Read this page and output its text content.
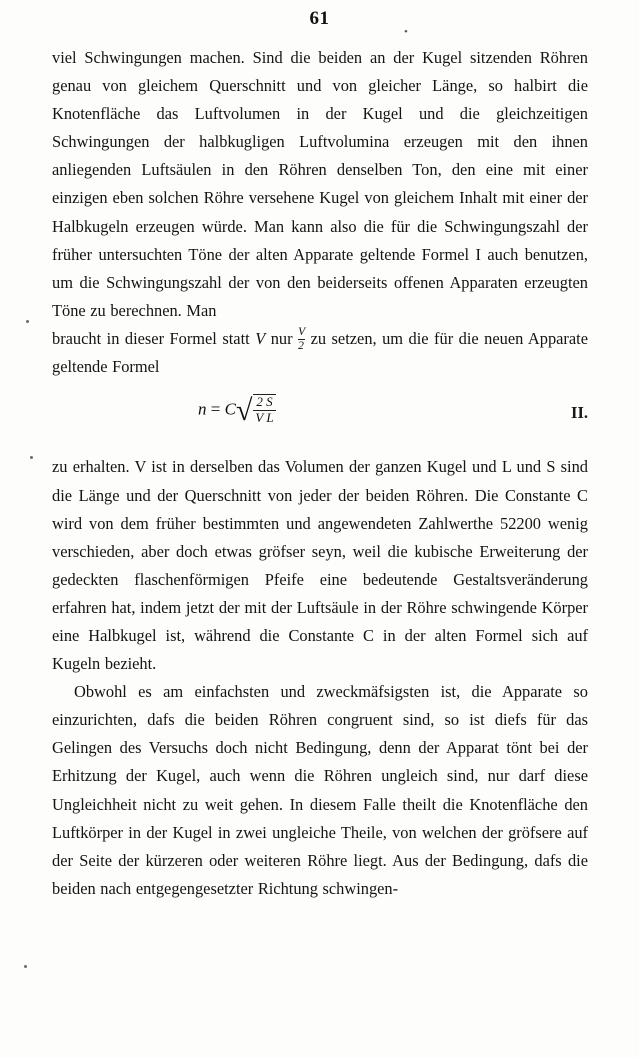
61
•

viel Schwingungen machen. Sind die beiden an der Kugel sitzenden Röhren genau von gleichem Querschnitt und von gleicher Länge, so halbirt die Knotenfläche das Luftvolumen in der Kugel und die gleichzeitigen Schwingungen der halbkugligen Luftvolumina erzeugen mit den ihnen anliegenden Luftsäulen in den Röhren denselben Ton, den eine mit einer einzigen eben solchen Röhre versehene Kugel von gleichem Inhalt mit einer der Halbkugeln erzeugen würde. Man kann also die für die Schwingungszahl der früher untersuchten Töne der alten Apparate geltende Formel I auch benutzen, um die Schwingungszahl der von den beiderseits offenen Apparaten erzeugten Töne zu berechnen. Man

braucht in dieser Formel statt V nur $\frac{V}{2}$ zu setzen, um die für die neuen Apparate geltende Formel

$n = C√ \frac{2 S}{\text{V L}}$	II.

zu erhalten. V ist in derselben das Volumen der ganzen Kugel und L und S sind die Länge und der Querschnitt von jeder der beiden Röhren. Die Constante C wird von dem früher bestimmten und angewendeten Zahlwerthe 52200 wenig verschieden, aber doch etwas gröfser seyn, weil die kubische Erweiterung der gedeckten flaschenförmigen Pfeife eine bedeutende Gestaltsveränderung erfahren hat, indem jetzt der mit der Luftsäule in der Röhre schwingende Körper eine Halbkugel ist, während die Constante C in der alten Formel sich auf Kugeln bezieht.

Obwohl es am einfachsten und zweckmäfsigsten ist, die Apparate so einzurichten, dafs die beiden Röhren congruent sind, so ist diefs für das Gelingen des Versuchs doch nicht Bedingung, denn der Apparat tönt bei der Erhitzung der Kugel, auch wenn die Röhren ungleich sind, nur darf diese Ungleichheit nicht zu weit gehen. In diesem Falle theilt die Knotenfläche den Luftkörper in der Kugel in zwei ungleiche Theile, von welchen der gröfsere auf der Seite der kürzeren oder weiteren Röhre liegt. Aus der Bedingung, dafs die beiden nach entgegengesetzter Richtung schwingen-
